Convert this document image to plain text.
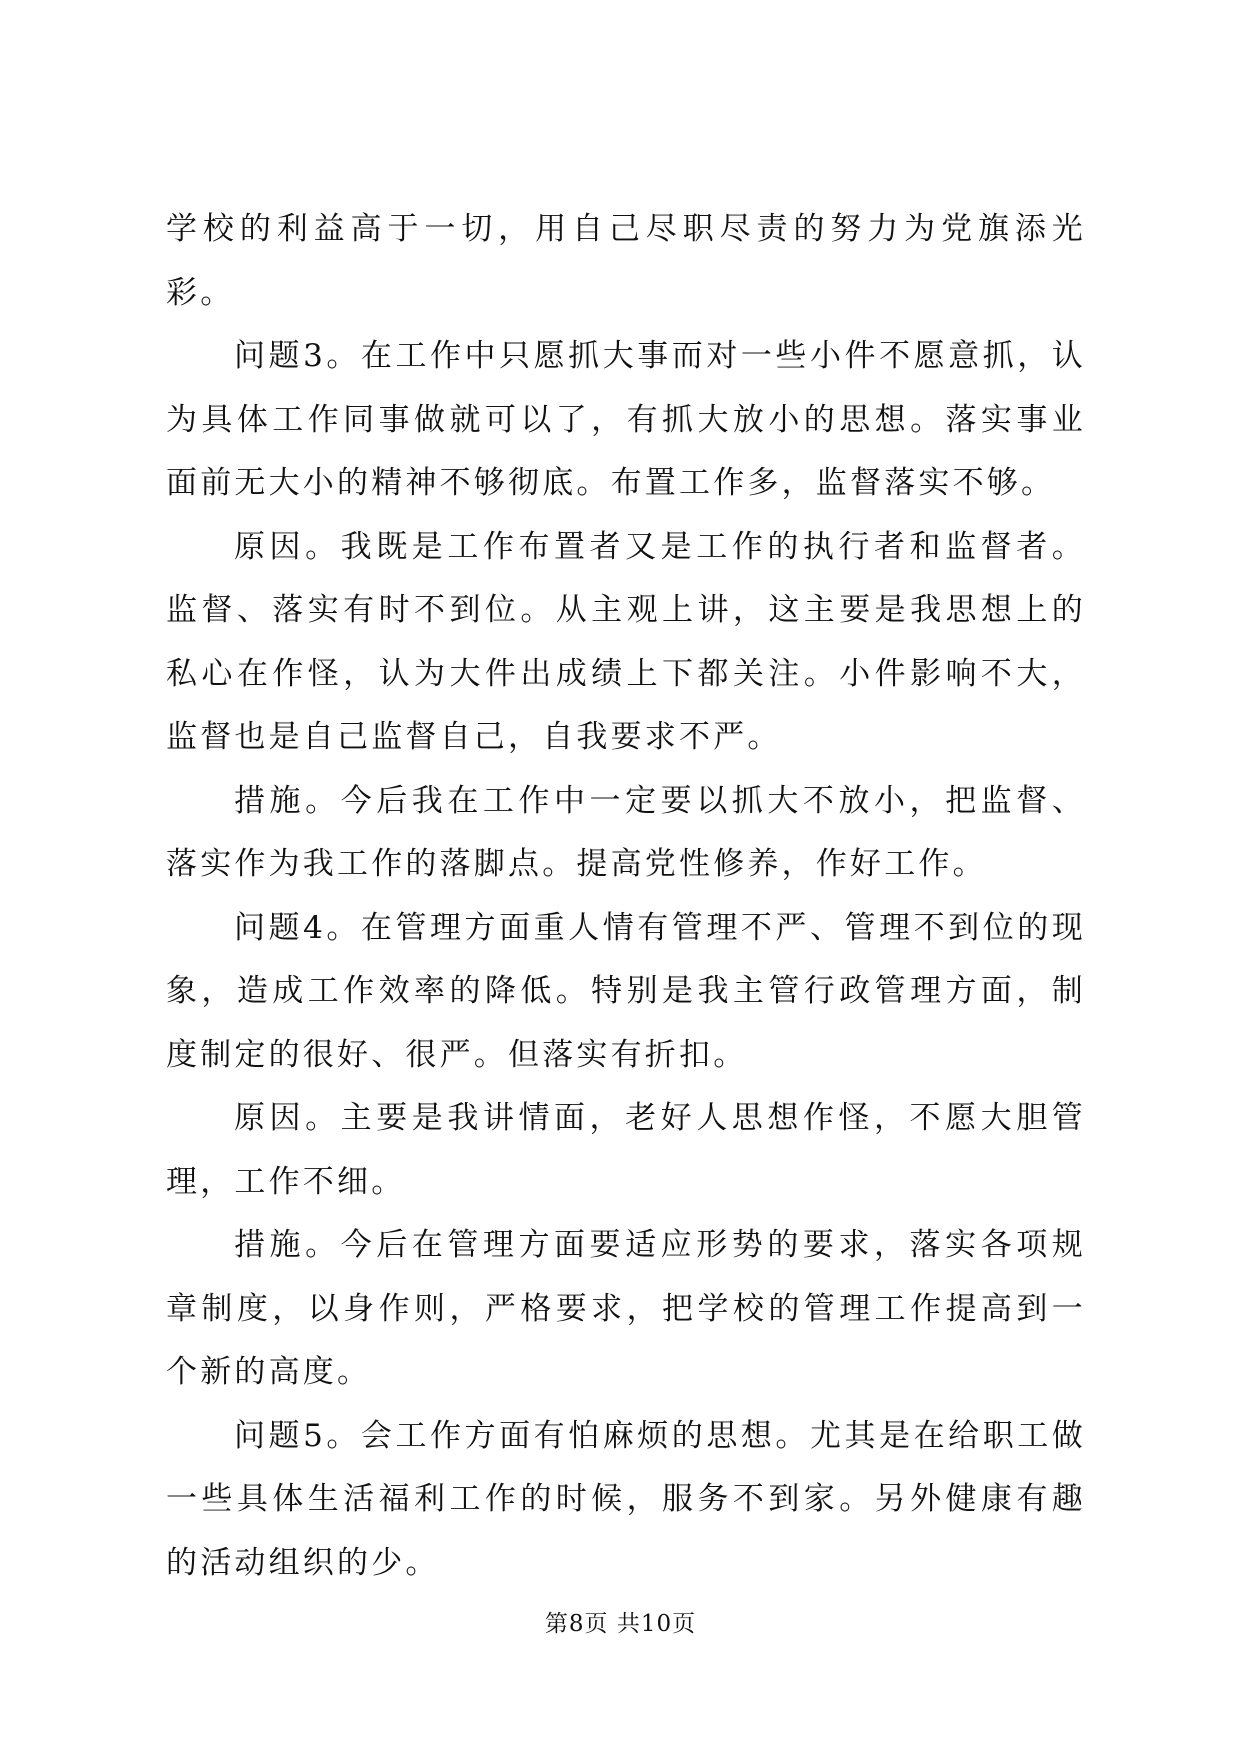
学校的利益高于一切，用自己尽职尽责的努力为党旗添光彩。

问题3。在工作中只愿抓大事而对一些小件不愿意抓，认为具体工作同事做就可以了，有抓大放小的思想。落实事业面前无大小的精神不够彻底。布置工作多，监督落实不够。

原因。我既是工作布置者又是工作的执行者和监督者。监督、落实有时不到位。从主观上讲，这主要是我思想上的私心在作怪，认为大件出成绩上下都关注。小件影响不大，监督也是自己监督自己，自我要求不严。

措施。今后我在工作中一定要以抓大不放小，把监督、落实作为我工作的落脚点。提高党性修养，作好工作。

问题4。在管理方面重人情有管理不严、管理不到位的现象，造成工作效率的降低。特别是我主管行政管理方面，制度制定的很好、很严。但落实有折扣。

原因。主要是我讲情面，老好人思想作怪，不愿大胆管理，工作不细。

措施。今后在管理方面要适应形势的要求，落实各项规章制度，以身作则，严格要求，把学校的管理工作提高到一个新的高度。

问题5。会工作方面有怕麻烦的思想。尤其是在给职工做一些具体生活福利工作的时候，服务不到家。另外健康有趣的活动组织的少。

第8页 共10页
